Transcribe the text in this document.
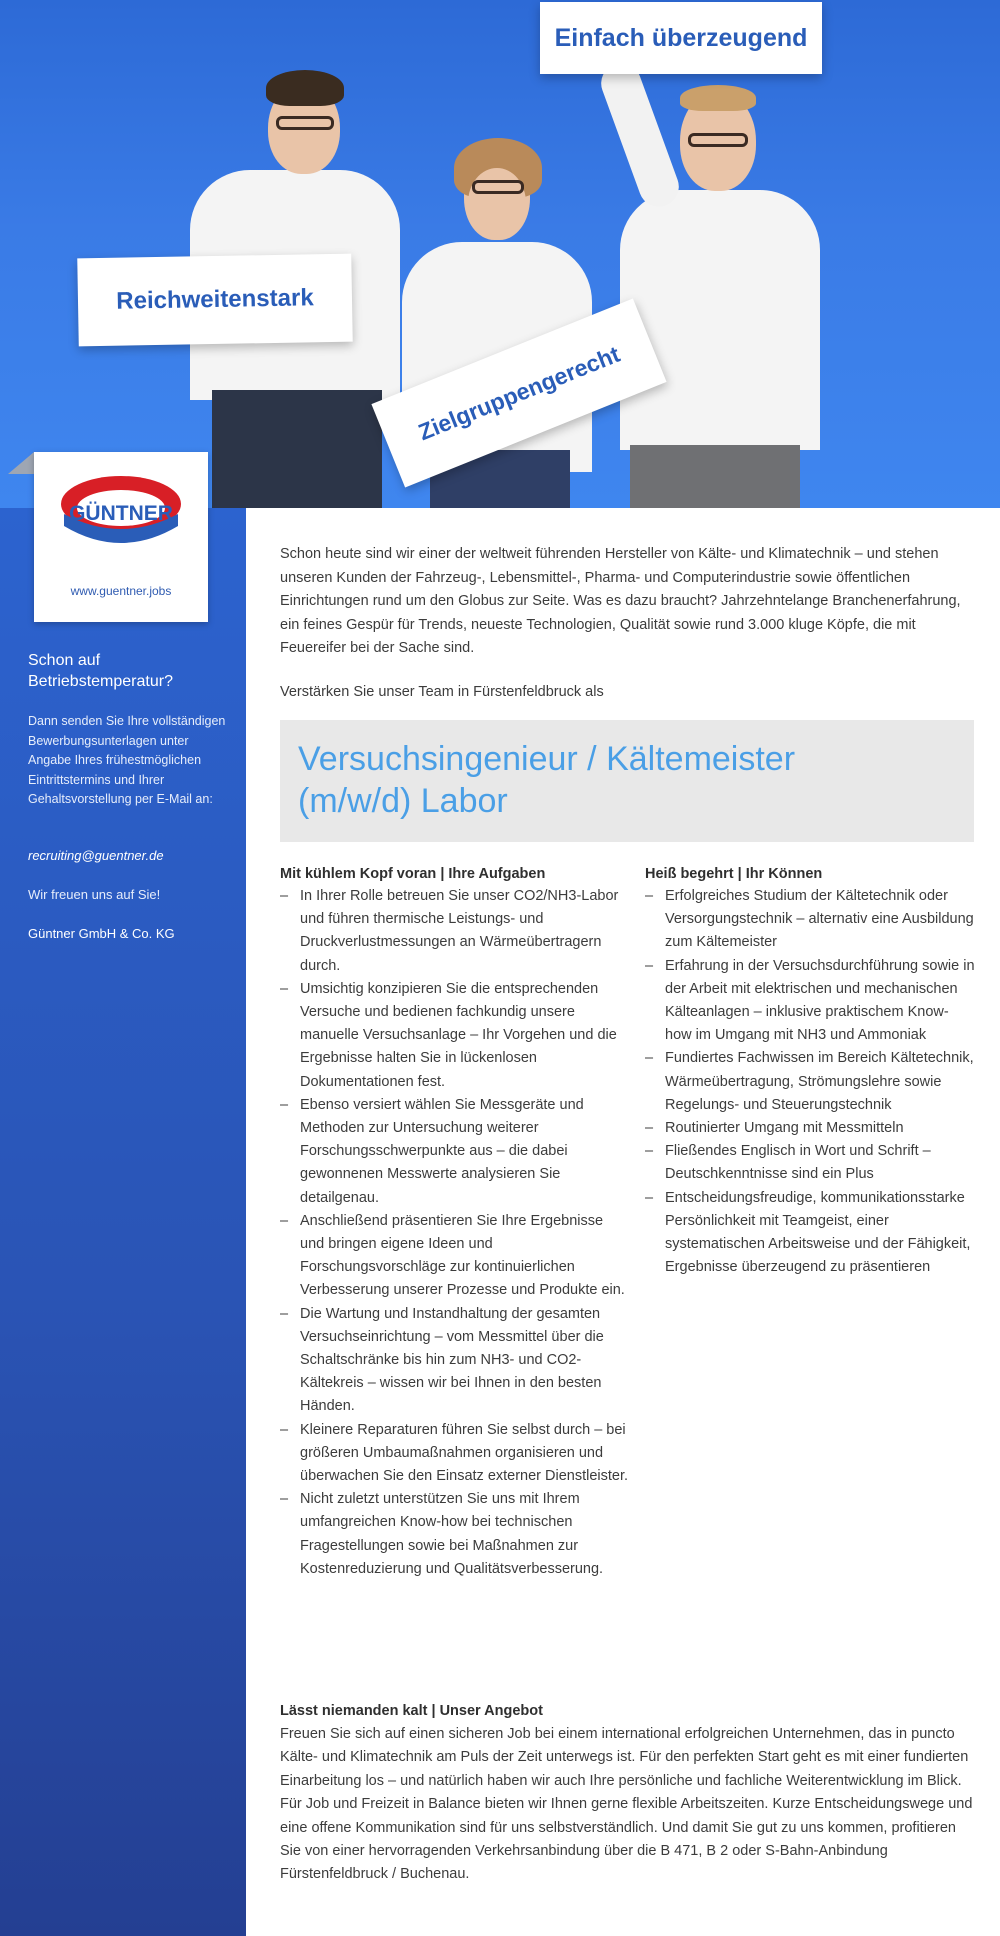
Einfach überzeugend
Reichweitenstark
Zielgruppengerecht
GÜNTNER
www.guentner.jobs
Schon auf Betriebstemperatur?
Dann senden Sie Ihre vollständigen Bewerbungsunterlagen unter Angabe Ihres frühestmöglichen Eintrittstermins und Ihrer Gehaltsvorstellung per E-Mail an:
recruiting@guentner.de
Wir freuen uns auf Sie!
Güntner GmbH & Co. KG

Schon heute sind wir einer der weltweit führenden Hersteller von Kälte- und Klimatechnik – und stehen unseren Kunden der Fahrzeug-, Lebensmittel-, Pharma- und Computerindustrie sowie öffentlichen Einrichtungen rund um den Globus zur Seite. Was es dazu braucht? Jahrzehntelange Branchenerfahrung, ein feines Gespür für Trends, neueste Technologien, Qualität sowie rund 3.000 kluge Köpfe, die mit Feuereifer bei der Sache sind.

Verstärken Sie unser Team in Fürstenfeldbruck als

Versuchsingenieur / Kältemeister
(m/w/d) Labor
Mit kühlem Kopf voran | Ihre Aufgaben
– In Ihrer Rolle betreuen Sie unser CO2/NH3-Labor und führen thermische Leistungs- und Druckverlustmessungen an Wärmeübertragern durch.
– Umsichtig konzipieren Sie die entsprechenden Versuche und bedienen fachkundig unsere manuelle Versuchsanlage – Ihr Vorgehen und die Ergebnisse halten Sie in lückenlosen Dokumentationen fest.
– Ebenso versiert wählen Sie Messgeräte und Methoden zur Untersuchung weiterer Forschungsschwerpunkte aus – die dabei gewonnenen Messwerte analysieren Sie detailgenau.
– Anschließend präsentieren Sie Ihre Ergebnisse und bringen eigene Ideen und Forschungsvorschläge zur kontinuierlichen Verbesserung unserer Prozesse und Produkte ein.
– Die Wartung und Instandhaltung der gesamten Versuchseinrichtung – vom Messmittel über die Schaltschränke bis hin zum NH3- und CO2-Kältekreis – wissen wir bei Ihnen in den besten Händen.
– Kleinere Reparaturen führen Sie selbst durch – bei größeren Umbaumaßnahmen organisieren und überwachen Sie den Einsatz externer Dienstleister.
– Nicht zuletzt unterstützen Sie uns mit Ihrem umfangreichen Know-how bei technischen Fragestellungen sowie bei Maßnahmen zur Kostenreduzierung und Qualitätsverbesserung.
Heiß begehrt | Ihr Können
– Erfolgreiches Studium der Kältetechnik oder Versorgungstechnik – alternativ eine Ausbildung zum Kältemeister
– Erfahrung in der Versuchsdurchführung sowie in der Arbeit mit elektrischen und mechanischen Kälteanlagen – inklusive praktischem Know-how im Umgang mit NH3 und Ammoniak
– Fundiertes Fachwissen im Bereich Kältetechnik, Wärmeübertragung, Strömungslehre sowie Regelungs- und Steuerungstechnik
– Routinierter Umgang mit Messmitteln
– Fließendes Englisch in Wort und Schrift – Deutschkenntnisse sind ein Plus
– Entscheidungsfreudige, kommunikationsstarke Persönlichkeit mit Teamgeist, einer systematischen Arbeitsweise und der Fähigkeit, Ergebnisse überzeugend zu präsentieren
Lässt niemanden kalt | Unser Angebot

Freuen Sie sich auf einen sicheren Job bei einem international erfolgreichen Unternehmen, das in puncto Kälte- und Klimatechnik am Puls der Zeit unterwegs ist. Für den perfekten Start geht es mit einer fundierten Einarbeitung los – und natürlich haben wir auch Ihre persönliche und fachliche Weiterentwicklung im Blick. Für Job und Freizeit in Balance bieten wir Ihnen gerne flexible Arbeitszeiten. Kurze Entscheidungswege und eine offene Kommunikation sind für uns selbstverständlich. Und damit Sie gut zu uns kommen, profitieren Sie von einer hervorragenden Verkehrsanbindung über die B 471, B 2 oder S-Bahn-Anbindung Fürstenfeldbruck / Buchenau.
